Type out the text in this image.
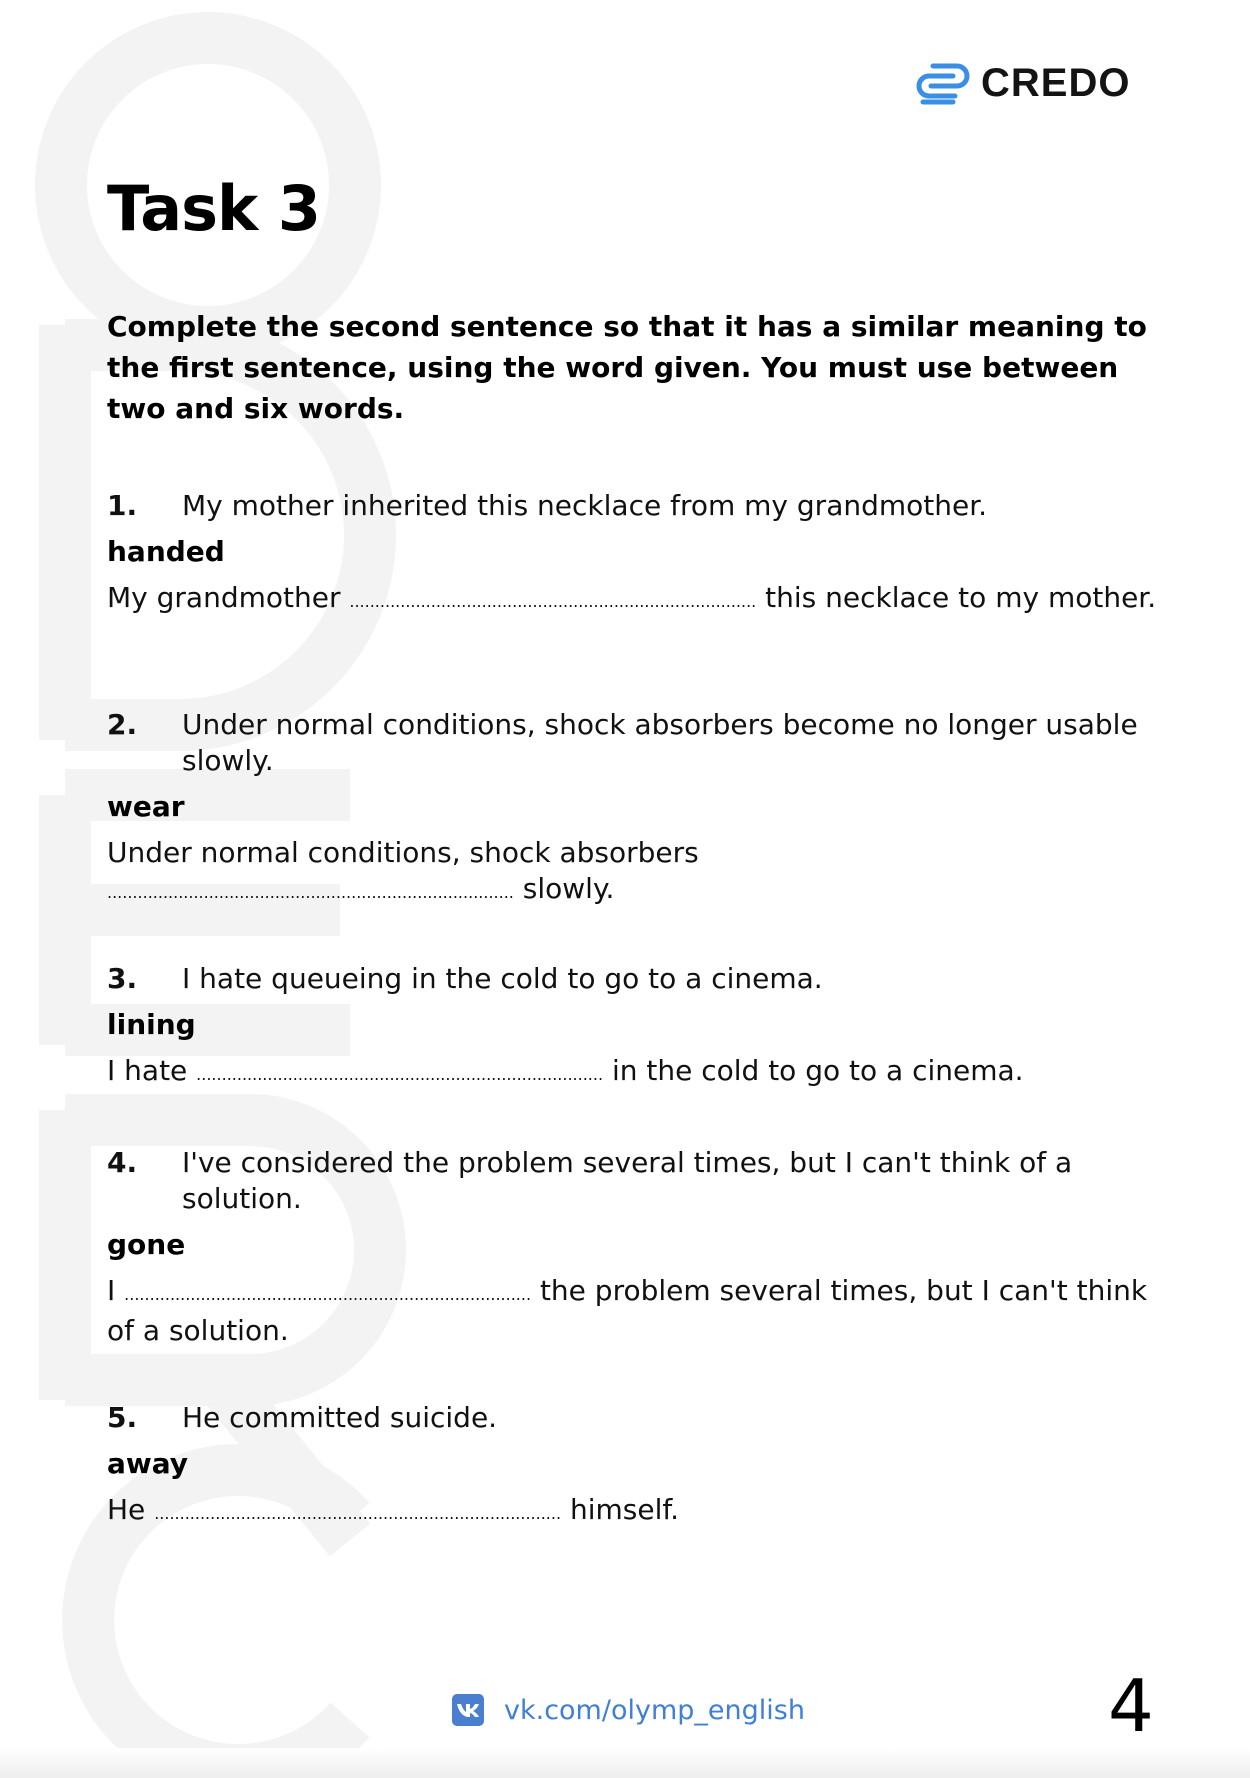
CREDO
Task 3

Complete the second sentence so that it has a similar meaning to the first sentence, using the word given. You must use between two and six words.

1.	My mother inherited this necklace from my grandmother.
handed
My grandmother ................................................................................ this necklace to my mother.
2.	Under normal conditions, shock absorbers become no longer usable slowly.
wear
Under normal conditions, shock absorbers
................................................................................ slowly.
3.	I hate queueing in the cold to go to a cinema.
lining
I hate ................................................................................ in the cold to go to a cinema.
4.	I've considered the problem several times, but I can't think of a solution.
gone
I ................................................................................ the problem several times, but I can't think of a solution.
5.	He committed suicide.
away
He ................................................................................ himself.
vk.com/olymp_english	4
